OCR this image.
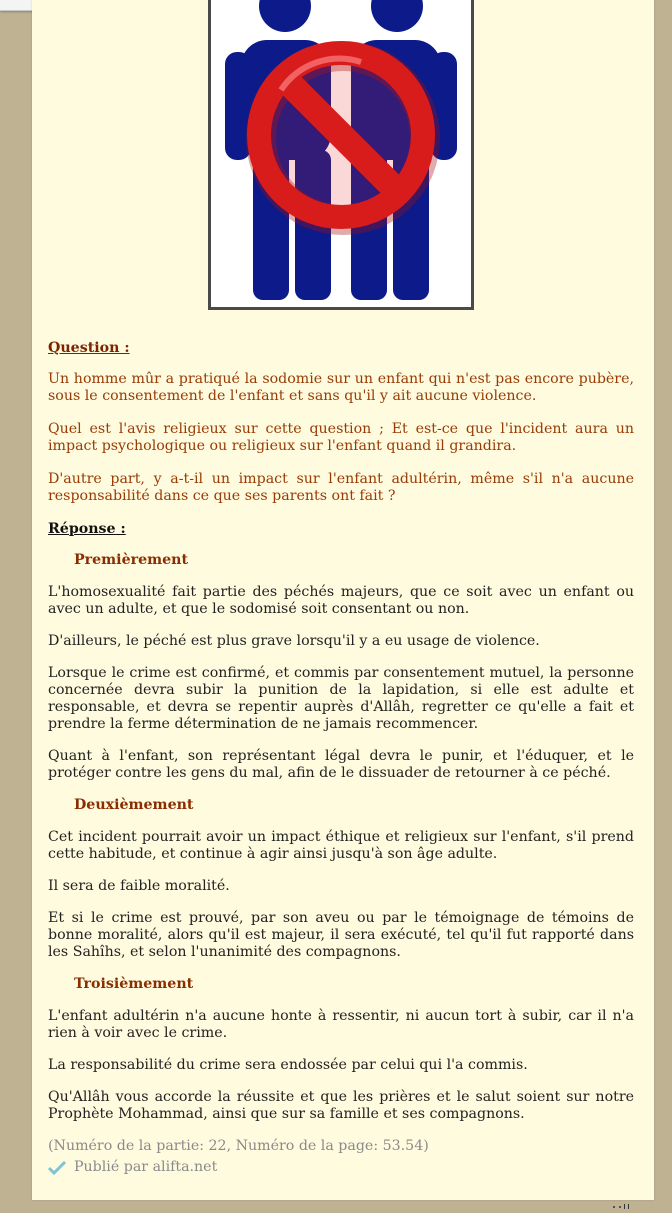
Question :

Un homme mûr a pratiqué la sodomie sur un enfant qui n'est pas encore pubère, sous le consentement de l'enfant et sans qu'il y ait aucune violence.

Quel est l'avis religieux sur cette question ; Et est-ce que l'incident aura un impact psychologique ou religieux sur l'enfant quand il grandira.

D'autre part, y a-t-il un impact sur l'enfant adultérin, même s'il n'a aucune responsabilité dans ce que ses parents ont fait ?

Réponse :

Premièrement

L'homosexualité fait partie des péchés majeurs, que ce soit avec un enfant ou avec un adulte, et que le sodomisé soit consentant ou non.

D'ailleurs, le péché est plus grave lorsqu'il y a eu usage de violence.

Lorsque le crime est confirmé, et commis par consentement mutuel, la personne concernée devra subir la punition de la lapidation, si elle est adulte et responsable, et devra se repentir auprès d'Allâh, regretter ce qu'elle a fait et prendre la ferme détermination de ne jamais recommencer.

Quant à l'enfant, son représentant légal devra le punir, et l'éduquer, et le protéger contre les gens du mal, afin de le dissuader de retourner à ce péché.

Deuxièmement

Cet incident pourrait avoir un impact éthique et religieux sur l'enfant, s'il prend cette habitude, et continue à agir ainsi jusqu'à son âge adulte.

Il sera de faible moralité.

Et si le crime est prouvé, par son aveu ou par le témoignage de témoins de bonne moralité, alors qu'il est majeur, il sera exécuté, tel qu'il fut rapporté dans les Sahîhs, et selon l'unanimité des compagnons.

Troisièmement

L'enfant adultérin n'a aucune honte à ressentir, ni aucun tort à subir, car il n'a rien à voir avec le crime.

La responsabilité du crime sera endossée par celui qui l'a commis.

Qu'Allâh vous accorde la réussite et que les prières et le salut soient sur notre Prophète Mohammad, ainsi que sur sa famille et ses compagnons.

(Numéro de la partie: 22, Numéro de la page: 53.54)

Publié par alifta.net
